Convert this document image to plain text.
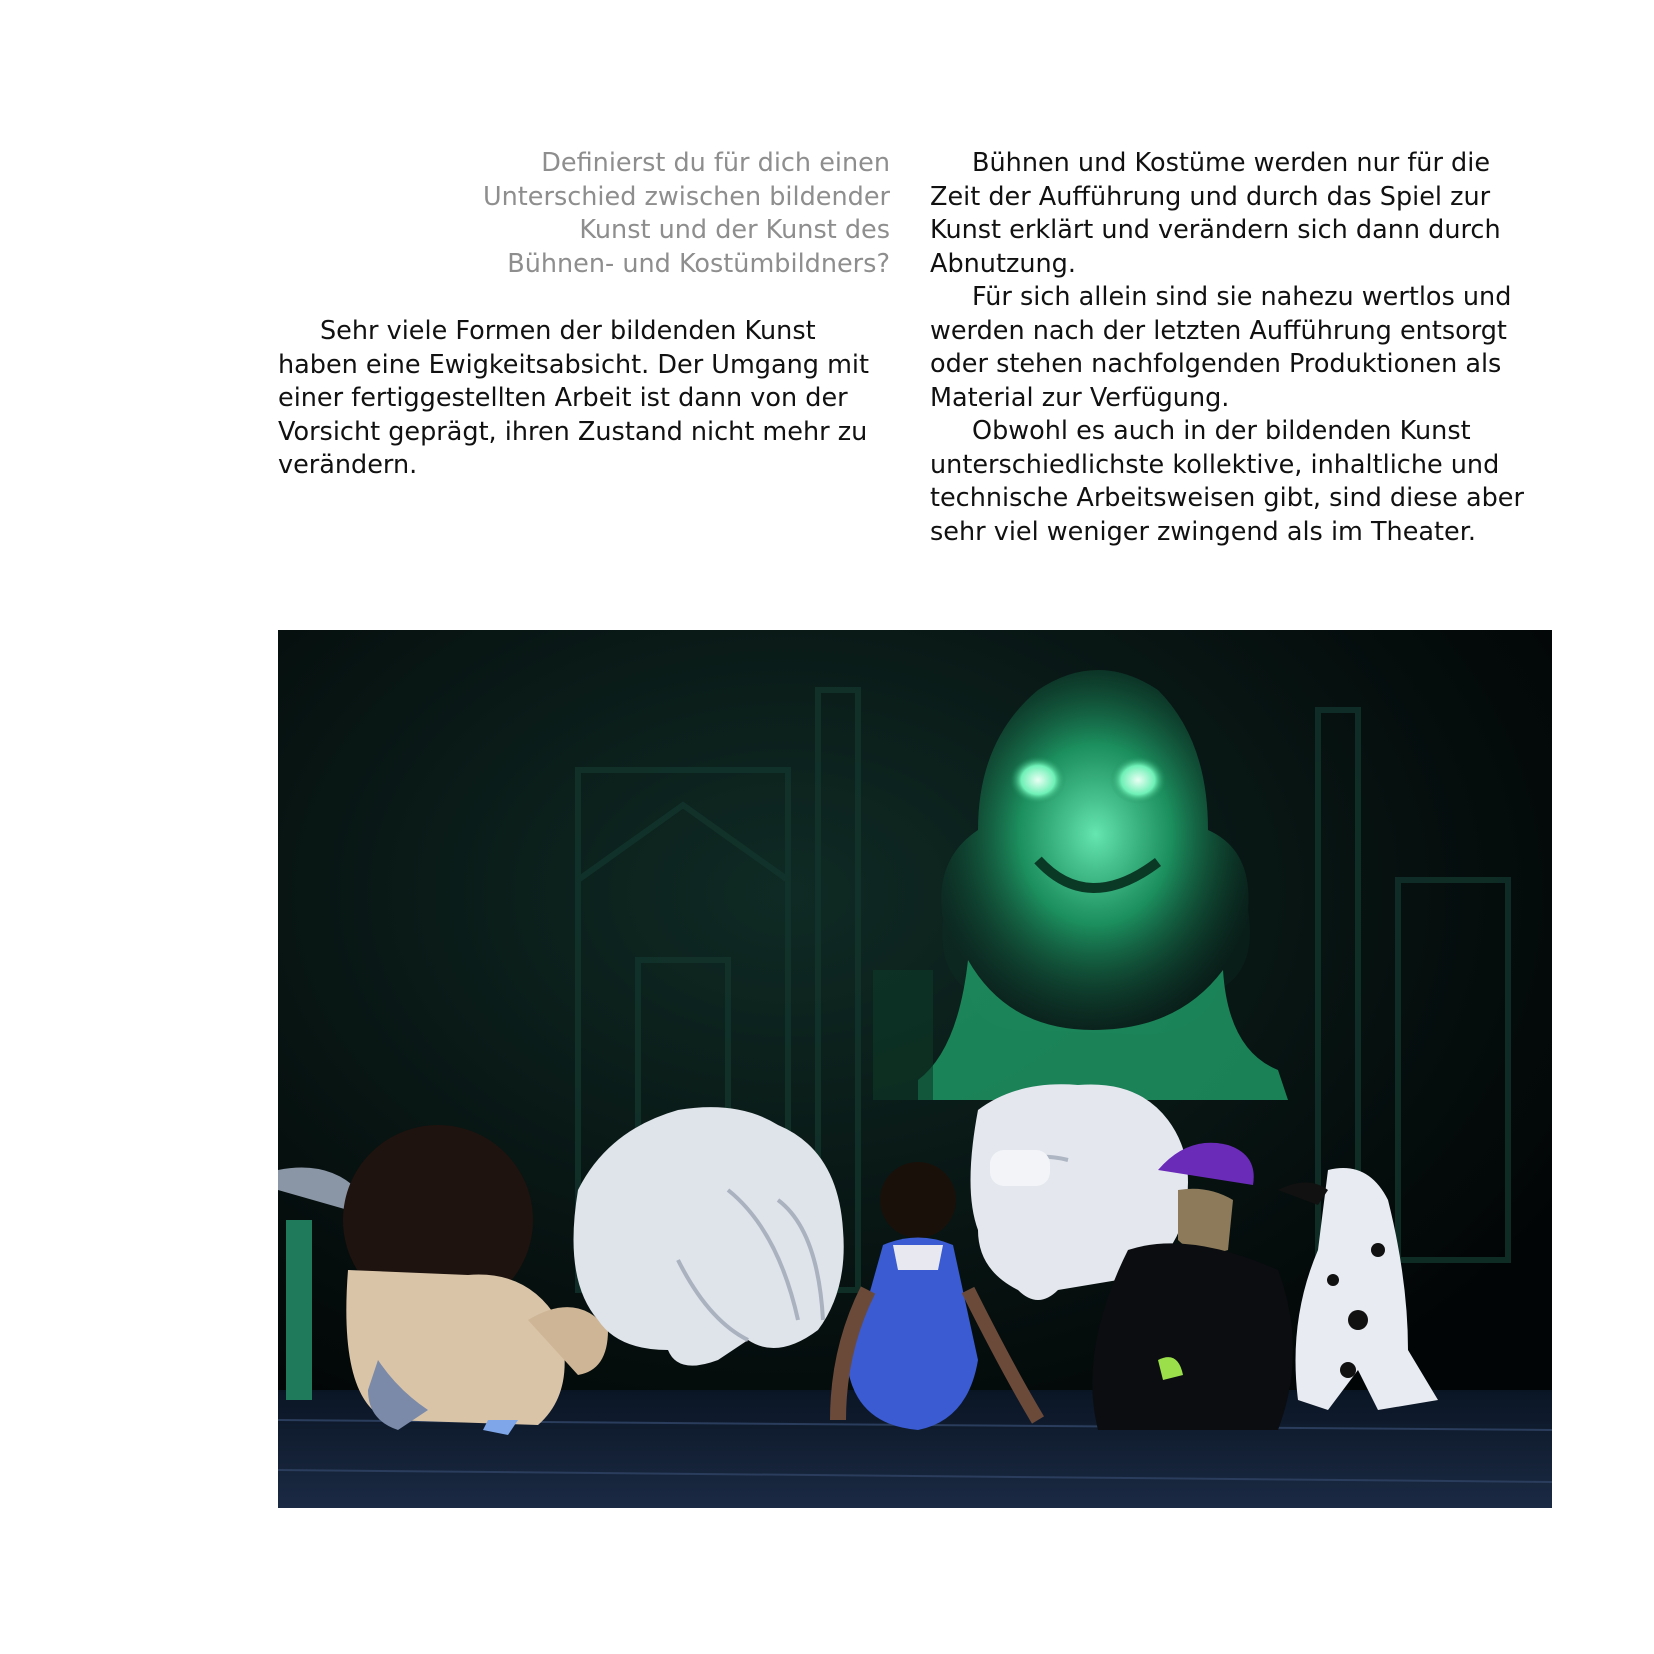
Definierst du für dich einen
Unterschied zwischen bildender
Kunst und der Kunst des
Bühnen- und Kostümbildners?

Sehr viele Formen der bildenden Kunst
haben eine Ewigkeitsabsicht. Der Umgang mit
einer fertiggestellten Arbeit ist dann von der
Vorsicht geprägt, ihren Zustand nicht mehr zu
verändern.

Bühnen und Kostüme werden nur für die
Zeit der Aufführung und durch das Spiel zur
Kunst erklärt und verändern sich dann durch
Abnutzung.

Für sich allein sind sie nahezu wertlos und
werden nach der letzten Aufführung entsorgt
oder stehen nachfolgenden Produktionen als
Material zur Verfügung.

Obwohl es auch in der bildenden Kunst
unterschiedlichste kollektive, inhaltliche und
technische Arbeitsweisen gibt, sind diese aber
sehr viel weniger zwingend als im Theater.
